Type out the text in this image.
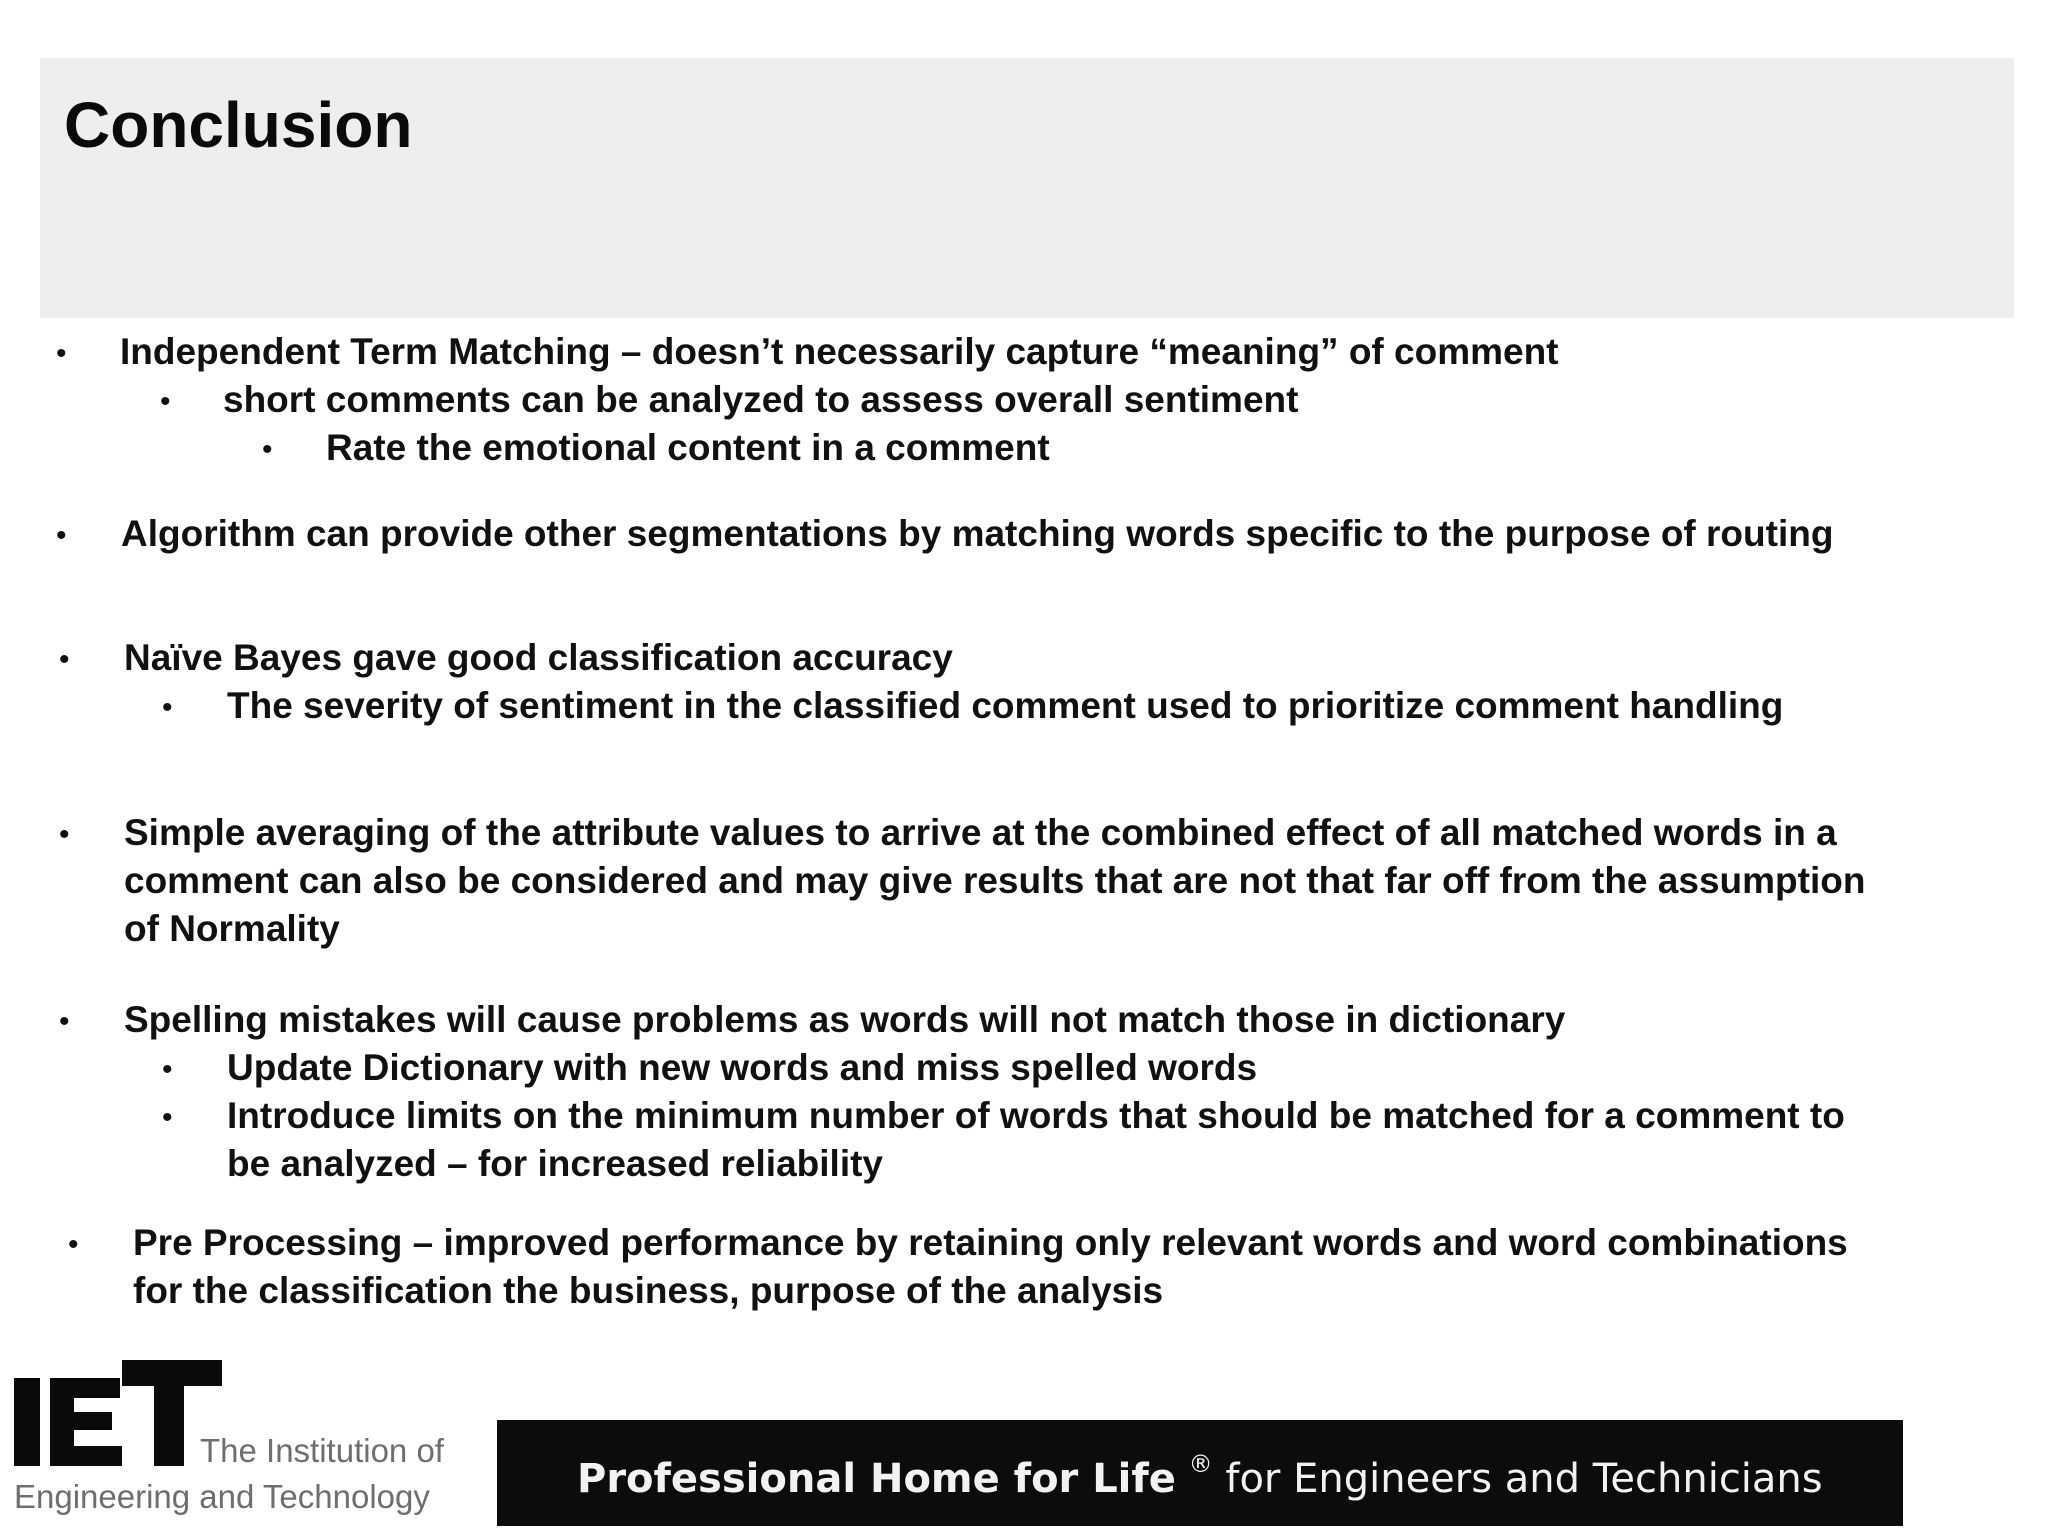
Conclusion
• Independent Term Matching – doesn’t necessarily capture “meaning” of comment
• short comments can be analyzed to assess overall sentiment
• Rate the emotional content in a comment
• Algorithm can provide other segmentations by matching words specific to the purpose of routing
• Naïve Bayes gave good classification accuracy
• The severity of sentiment in the classified comment used to prioritize comment handling
• Simple averaging of the attribute values to arrive at the combined effect of all matched words in a
comment can also be considered and may give results that are not that far off from the assumption
of Normality
• Spelling mistakes will cause problems as words will not match those in dictionary
• Update Dictionary with new words and miss spelled words
• Introduce limits on the minimum number of words that should be matched for a comment to
be analyzed – for increased reliability
• Pre Processing – improved performance by retaining only relevant words and word combinations
for the classification the business, purpose of the analysis
The Institution of
Engineering and Technology	Professional Home for Life ® for Engineers and Technicians
